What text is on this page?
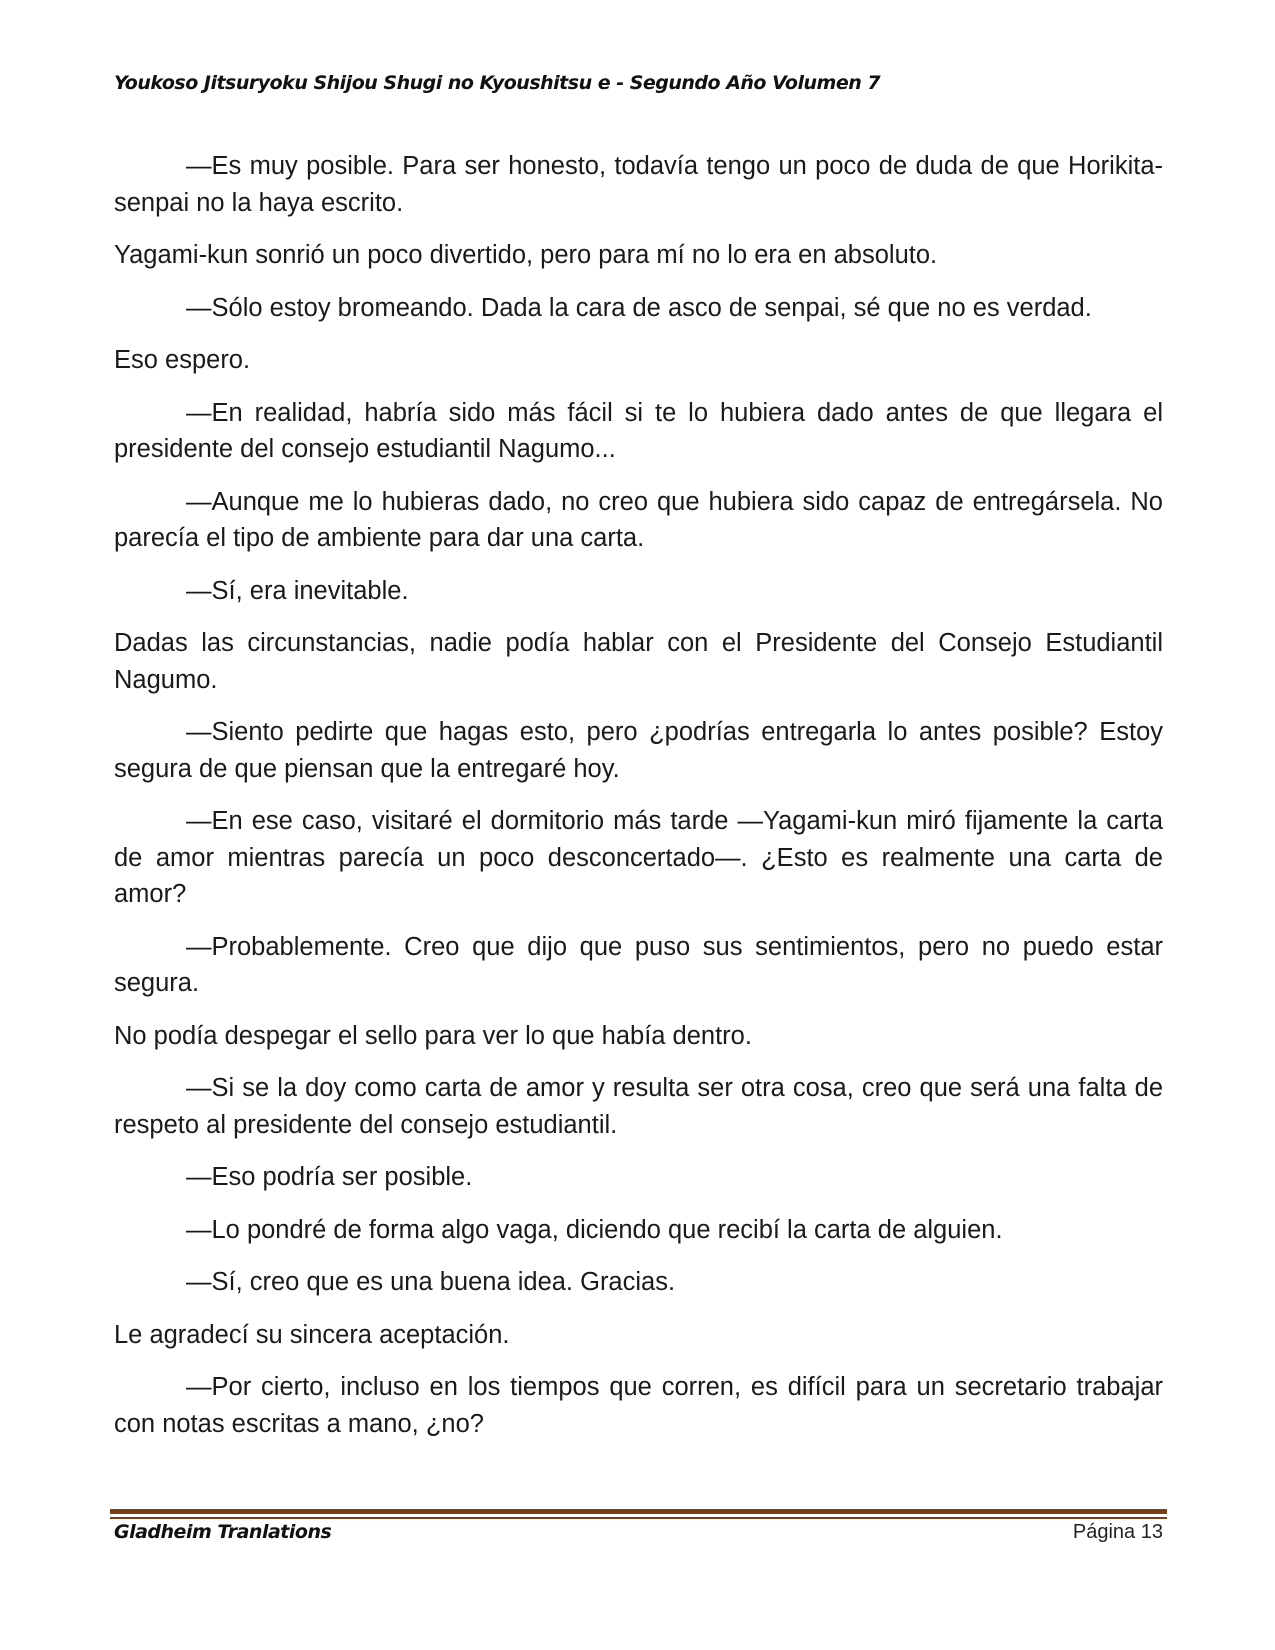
Youkoso Jitsuryoku Shijou Shugi no Kyoushitsu e - Segundo Año Volumen 7

—Es muy posible. Para ser honesto, todavía tengo un poco de duda de que Horikita-senpai no la haya escrito.

Yagami-kun sonrió un poco divertido, pero para mí no lo era en absoluto.

—Sólo estoy bromeando. Dada la cara de asco de senpai, sé que no es verdad.

Eso espero.

—En realidad, habría sido más fácil si te lo hubiera dado antes de que llegara el presidente del consejo estudiantil Nagumo...

—Aunque me lo hubieras dado, no creo que hubiera sido capaz de entregársela. No parecía el tipo de ambiente para dar una carta.

—Sí, era inevitable.

Dadas las circunstancias, nadie podía hablar con el Presidente del Consejo Estudiantil Nagumo.

—Siento pedirte que hagas esto, pero ¿podrías entregarla lo antes posible? Estoy segura de que piensan que la entregaré hoy.

—En ese caso, visitaré el dormitorio más tarde —Yagami-kun miró fijamente la carta de amor mientras parecía un poco desconcertado—. ¿Esto es realmente una carta de amor?

—Probablemente. Creo que dijo que puso sus sentimientos, pero no puedo estar segura.

No podía despegar el sello para ver lo que había dentro.

—Si se la doy como carta de amor y resulta ser otra cosa, creo que será una falta de respeto al presidente del consejo estudiantil.

—Eso podría ser posible.

—Lo pondré de forma algo vaga, diciendo que recibí la carta de alguien.

—Sí, creo que es una buena idea. Gracias.

Le agradecí su sincera aceptación.

—Por cierto, incluso en los tiempos que corren, es difícil para un secretario trabajar con notas escritas a mano, ¿no?

Gladheim Tranlations	Página 13
